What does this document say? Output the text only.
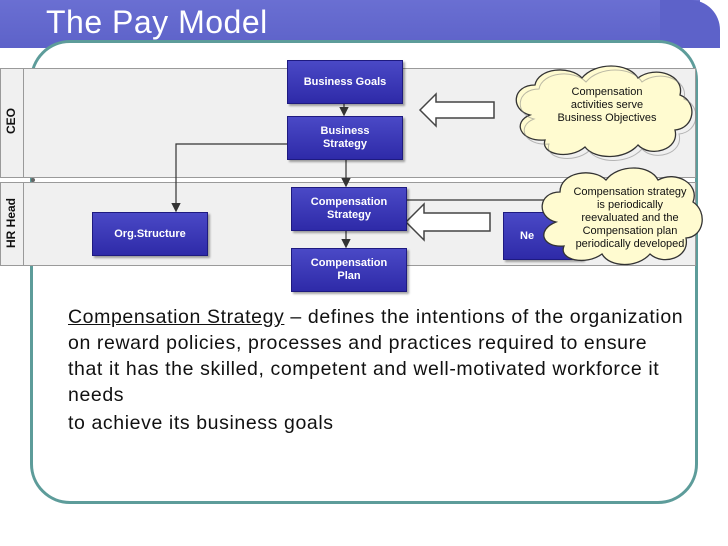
The Pay Model
CEO
HR Head
Business Goals
Business
Strategy
Compensation
Strategy
Compensation
Plan
Org.Structure	Ne
Compensation
activities serve
Business Objectives
Compensation strategy
is periodically
reevaluated and the
Compensation plan
periodically developed
Compensation Strategy – defines the intentions of the organization on reward policies, processes and practices required to ensure that it has the skilled, competent and well-motivated workforce it needs
to achieve its business goals
